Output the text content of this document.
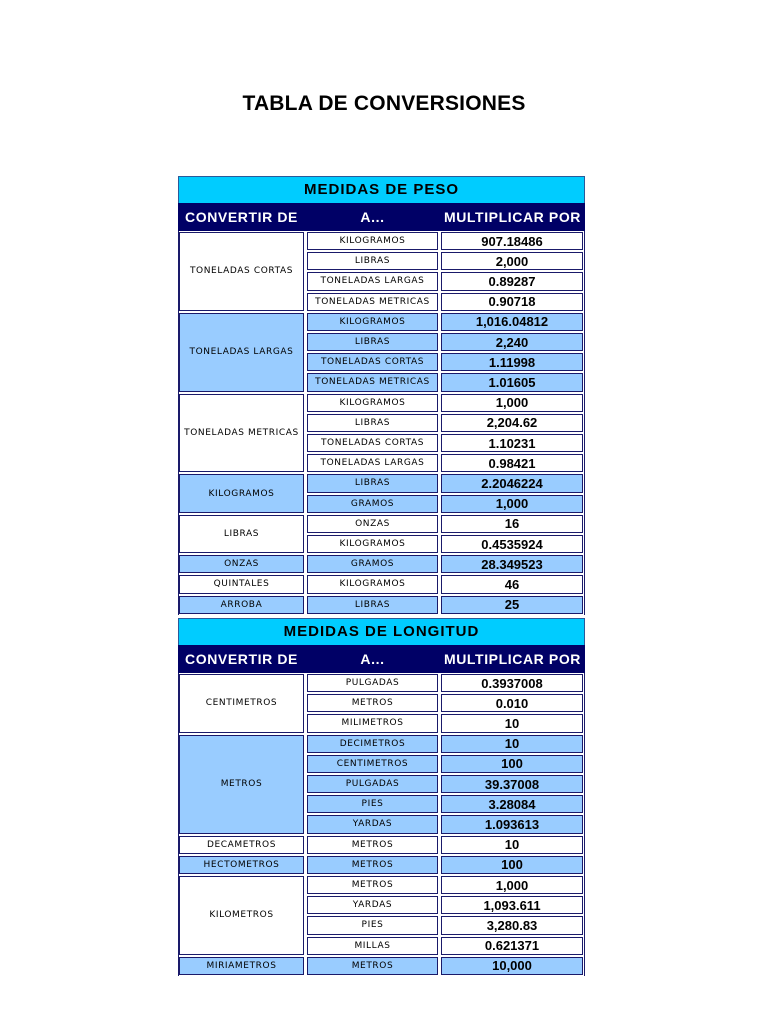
TABLA DE CONVERSIONES
MEDIDAS DE PESO
CONVERTIR DE	A...	MULTIPLICAR POR
TONELADAS CORTAS
KILOGRAMOS	907.18486
LIBRAS	2,000
TONELADAS LARGAS	0.89287
TONELADAS METRICAS	0.90718
TONELADAS LARGAS
KILOGRAMOS	1,016.04812
LIBRAS	2,240
TONELADAS CORTAS	1.11998
TONELADAS METRICAS	1.01605
TONELADAS METRICAS
KILOGRAMOS	1,000
LIBRAS	2,204.62
TONELADAS CORTAS	1.10231
TONELADAS LARGAS	0.98421
KILOGRAMOS
LIBRAS	2.2046224
GRAMOS	1,000
LIBRAS
ONZAS	16
KILOGRAMOS	0.4535924
ONZAS	GRAMOS	28.349523
QUINTALES	KILOGRAMOS	46
ARROBA	LIBRAS	25
MEDIDAS DE LONGITUD
CONVERTIR DE	A...	MULTIPLICAR POR
CENTIMETROS
PULGADAS	0.3937008
METROS	0.010
MILIMETROS	10
METROS
DECIMETROS	10
CENTIMETROS	100
PULGADAS	39.37008
PIES	3.28084
YARDAS	1.093613
DECAMETROS	METROS	10
HECTOMETROS	METROS	100
KILOMETROS
METROS	1,000
YARDAS	1,093.611
PIES	3,280.83
MILLAS	0.621371
MIRIAMETROS	METROS	10,000
